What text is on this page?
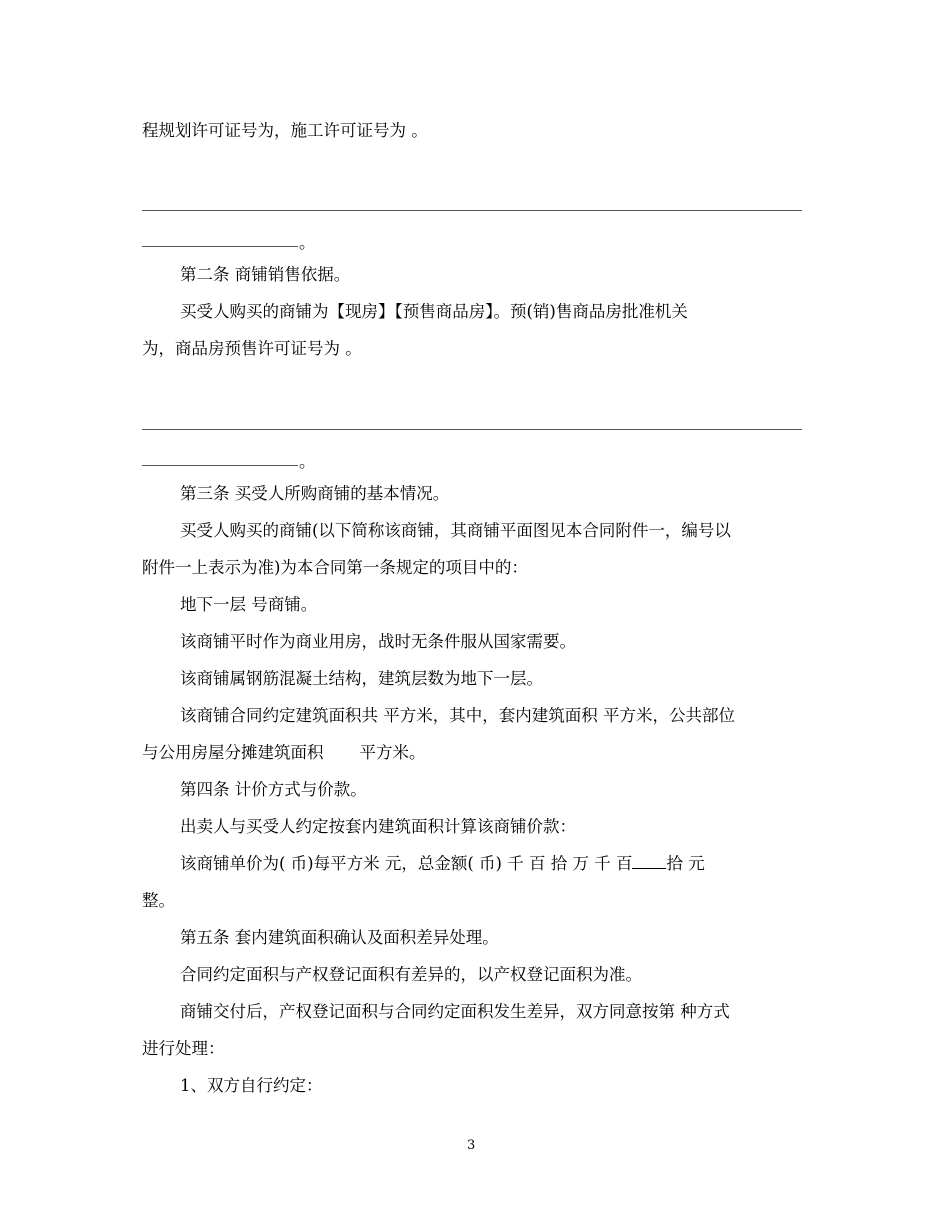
程规划许可证号为，施工许可证号为 。
。
第二条 商铺销售依据。
买受人购买的商铺为【现房】【预售商品房】。预(销)售商品房批准机关
为，商品房预售许可证号为 。
。
第三条 买受人所购商铺的基本情况。
买受人购买的商铺(以下简称该商铺，其商铺平面图见本合同附件一，编号以
附件一上表示为准)为本合同第一条规定的项目中的：
地下一层 号商铺。
该商铺平时作为商业用房，战时无条件服从国家需要。
该商铺属钢筋混凝土结构，建筑层数为地下一层。
该商铺合同约定建筑面积共 平方米，其中，套内建筑面积 平方米，公共部位
与公用房屋分摊建筑面积 平方米。
第四条 计价方式与价款。
出卖人与买受人约定按套内建筑面积计算该商铺价款：
该商铺单价为( 币)每平方米 元，总金额( 币) 千 百 拾 万 千 百 拾 元
整。
第五条 套内建筑面积确认及面积差异处理。
合同约定面积与产权登记面积有差异的，以产权登记面积为准。
商铺交付后，产权登记面积与合同约定面积发生差异，双方同意按第 种方式
进行处理：
1、双方自行约定：
3
